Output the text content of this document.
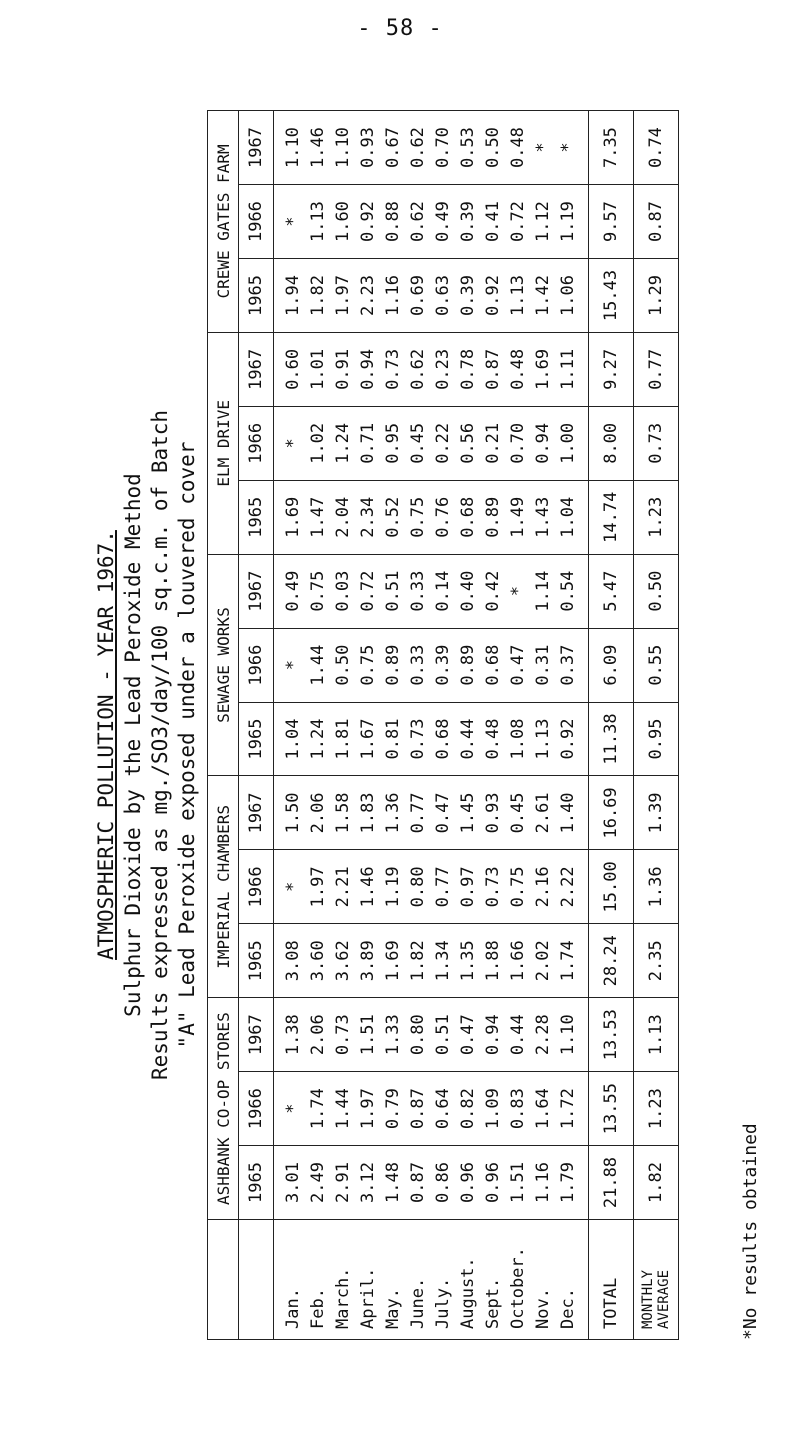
- 58 -
ATMOSPHERIC POLLUTION - YEAR 1967. Sulphur Dioxide by the Lead Peroxide Method Results expressed as mg./SO3/day/100 sq.c.m. of Batch "A" Lead Peroxide exposed under a louvered cover
	ASHBANK CO-OP STORES			IMPERIAL CHAMBERS			SEWAGE WORKS			ELM DRIVE			CREWE GATES FARM		
	1965	1966	1967	1965	1966	1967	1965	1966	1967	1965	1966	1967	1965	1966	1967
Jan.	3.01	*	1.38	3.08	*	1.50	1.04	*	0.49	1.69	*	0.60	1.94	*	1.10
Feb.	2.49	1.74	2.06	3.60	1.97	2.06	1.24	1.44	0.75	1.47	1.02	1.01	1.82	1.13	1.46
March.	2.91	1.44	0.73	3.62	2.21	1.58	1.81	0.50	0.03	2.04	1.24	0.91	1.97	1.60	1.10
April.	3.12	1.97	1.51	3.89	1.46	1.83	1.67	0.75	0.72	2.34	0.71	0.94	2.23	0.92	0.93
May.	1.48	0.79	1.33	1.69	1.19	1.36	0.81	0.89	0.51	0.52	0.95	0.73	1.16	0.88	0.67
June.	0.87	0.87	0.80	1.82	0.80	0.77	0.73	0.33	0.33	0.75	0.45	0.62	0.69	0.62	0.62
July.	0.86	0.64	0.51	1.34	0.77	0.47	0.68	0.39	0.14	0.76	0.22	0.23	0.63	0.49	0.70
August.	0.96	0.82	0.47	1.35	0.97	1.45	0.44	0.89	0.40	0.68	0.56	0.78	0.39	0.39	0.53
Sept.	0.96	1.09	0.94	1.88	0.73	0.93	0.48	0.68	0.42	0.89	0.21	0.87	0.92	0.41	0.50
October.	1.51	0.83	0.44	1.66	0.75	0.45	1.08	0.47	*	1.49	0.70	0.48	1.13	0.72	0.48
Nov.	1.16	1.64	2.28	2.02	2.16	2.61	1.13	0.31	1.14	1.43	0.94	1.69	1.42	1.12	*
Dec.	1.79	1.72	1.10	1.74	2.22	1.40	0.92	0.37	0.54	1.04	1.00	1.11	1.06	1.19	*
TOTAL	21.88	13.55	13.53	28.24	15.00	16.69	11.38	6.09	5.47	14.74	8.00	9.27	15.43	9.57	7.35

MONTHLY AVERAGE	1.82	1.23	1.13	2.35	1.36	1.39	0.95	0.55	0.50	1.23	0.73	0.77	1.29	0.87	0.74
*No results obtained
